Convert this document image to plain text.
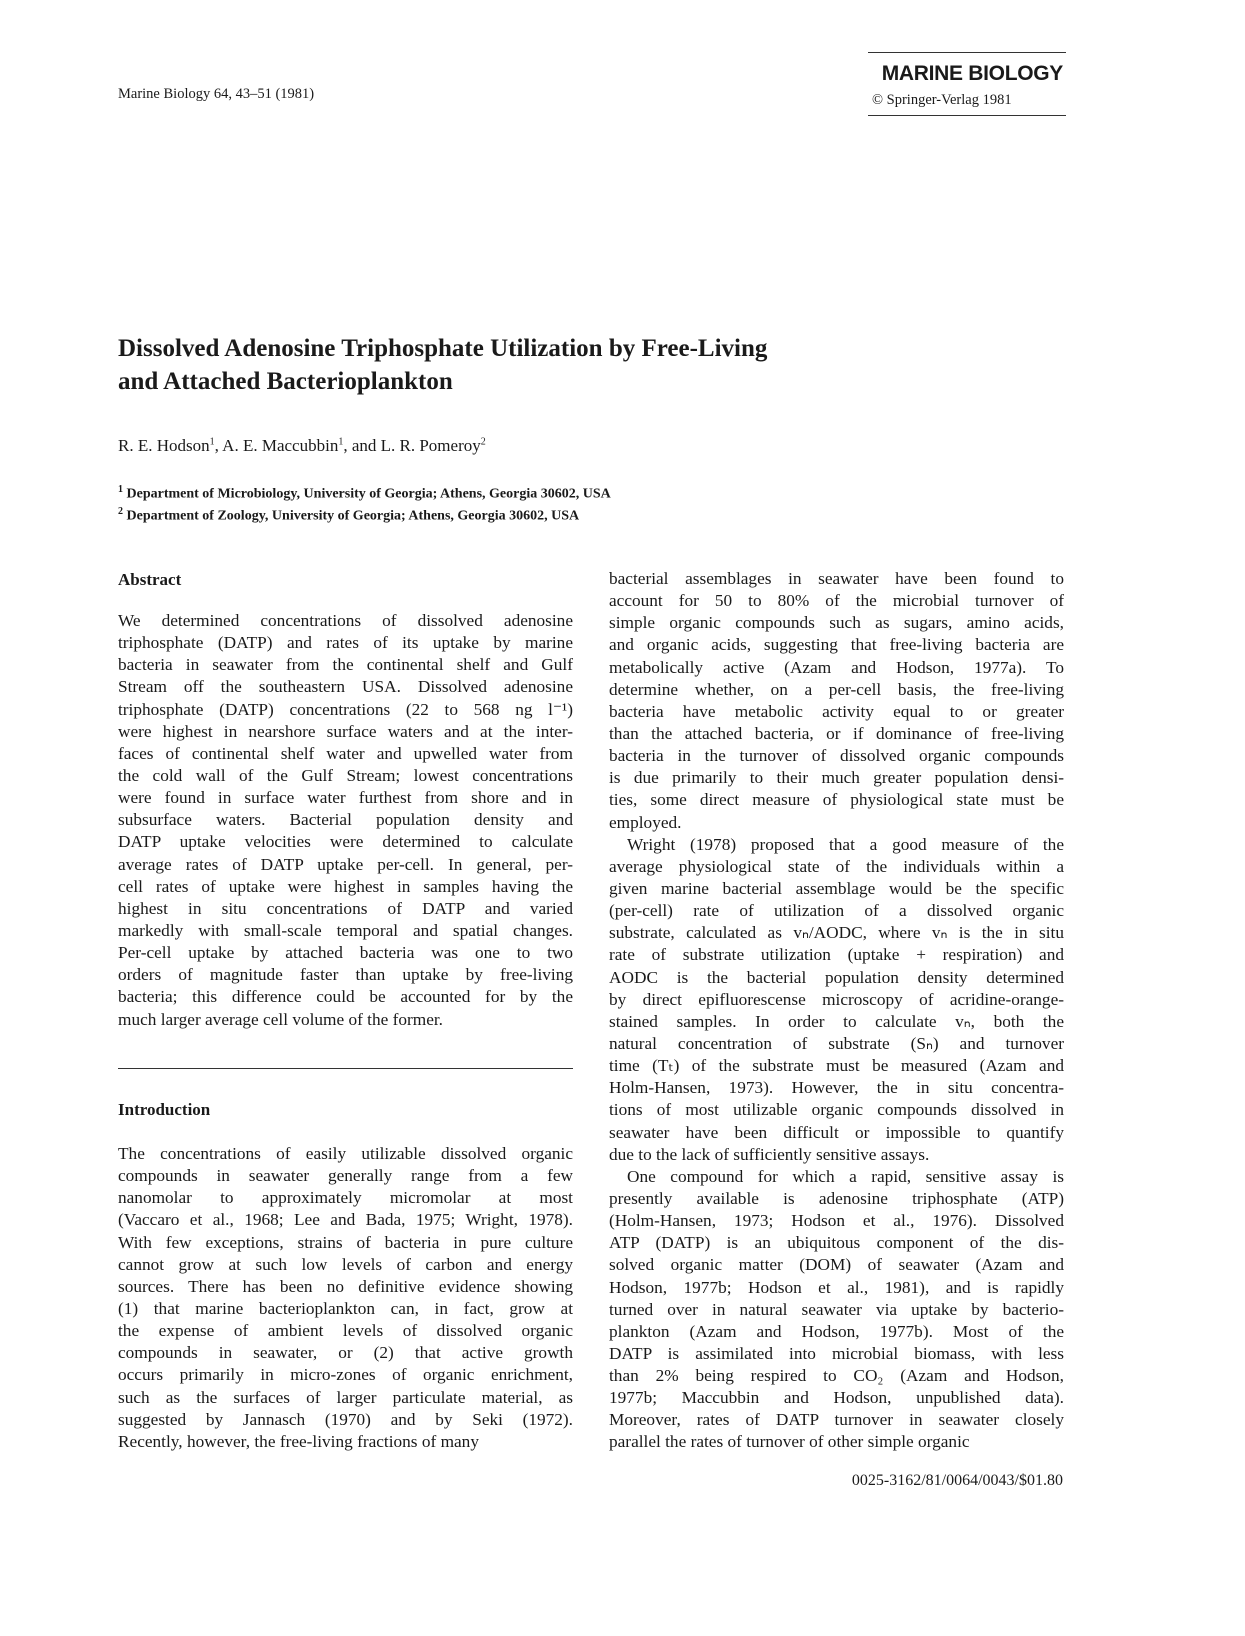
Marine Biology 64, 43–51 (1981)
MARINE BIOLOGY
© Springer-Verlag 1981
Dissolved Adenosine Triphosphate Utilization by Free-Living
and Attached Bacterioplankton
R. E. Hodson$^1$, A. E. Maccubbin$^1$, and L. R. Pomeroy$^2$
$^1$ Department of Microbiology, University of Georgia; Athens, Georgia 30602, USA
$^2$ Department of Zoology, University of Georgia; Athens, Georgia 30602, USA
Abstract
We determined concentrations of dissolved adenosine
triphosphate (DATP) and rates of its uptake by marine
bacteria in seawater from the continental shelf and Gulf
Stream off the southeastern USA. Dissolved adenosine
triphosphate (DATP) concentrations (22 to 568 ng l⁻¹)
were highest in nearshore surface waters and at the inter-
faces of continental shelf water and upwelled water from
the cold wall of the Gulf Stream; lowest concentrations
were found in surface water furthest from shore and in
subsurface waters. Bacterial population density and
DATP uptake velocities were determined to calculate
average rates of DATP uptake per-cell. In general, per-
cell rates of uptake were highest in samples having the
highest in situ concentrations of DATP and varied
markedly with small-scale temporal and spatial changes.
Per-cell uptake by attached bacteria was one to two
orders of magnitude faster than uptake by free-living
bacteria; this difference could be accounted for by the
much larger average cell volume of the former.
Introduction
The concentrations of easily utilizable dissolved organic
compounds in seawater generally range from a few
nanomolar to approximately micromolar at most
(Vaccaro et al., 1968; Lee and Bada, 1975; Wright, 1978).
With few exceptions, strains of bacteria in pure culture
cannot grow at such low levels of carbon and energy
sources. There has been no definitive evidence showing
(1) that marine bacterioplankton can, in fact, grow at
the expense of ambient levels of dissolved organic
compounds in seawater, or (2) that active growth
occurs primarily in micro-zones of organic enrichment,
such as the surfaces of larger particulate material, as
suggested by Jannasch (1970) and by Seki (1972).
Recently, however, the free-living fractions of many
bacterial assemblages in seawater have been found to
account for 50 to 80% of the microbial turnover of
simple organic compounds such as sugars, amino acids,
and organic acids, suggesting that free-living bacteria are
metabolically active (Azam and Hodson, 1977a). To
determine whether, on a per-cell basis, the free-living
bacteria have metabolic activity equal to or greater
than the attached bacteria, or if dominance of free-living
bacteria in the turnover of dissolved organic compounds
is due primarily to their much greater population densi-
ties, some direct measure of physiological state must be
employed.
Wright (1978) proposed that a good measure of the
average physiological state of the individuals within a
given marine bacterial assemblage would be the specific
(per-cell) rate of utilization of a dissolved organic
substrate, calculated as vₙ/AODC, where vₙ is the in situ
rate of substrate utilization (uptake + respiration) and
AODC is the bacterial population density determined
by direct epifluorescense microscopy of acridine-orange-
stained samples. In order to calculate vₙ, both the
natural concentration of substrate (Sₙ) and turnover
time (Tₜ) of the substrate must be measured (Azam and
Holm-Hansen, 1973). However, the in situ concentra-
tions of most utilizable organic compounds dissolved in
seawater have been difficult or impossible to quantify
due to the lack of sufficiently sensitive assays.
One compound for which a rapid, sensitive assay is
presently available is adenosine triphosphate (ATP)
(Holm-Hansen, 1973; Hodson et al., 1976). Dissolved
ATP (DATP) is an ubiquitous component of the dis-
solved organic matter (DOM) of seawater (Azam and
Hodson, 1977b; Hodson et al., 1981), and is rapidly
turned over in natural seawater via uptake by bacterio-
plankton (Azam and Hodson, 1977b). Most of the
DATP is assimilated into microbial biomass, with less
than 2% being respired to CO₂ (Azam and Hodson,
1977b; Maccubbin and Hodson, unpublished data).
Moreover, rates of DATP turnover in seawater closely
parallel the rates of turnover of other simple organic
0025-3162/81/0064/0043/$01.80
